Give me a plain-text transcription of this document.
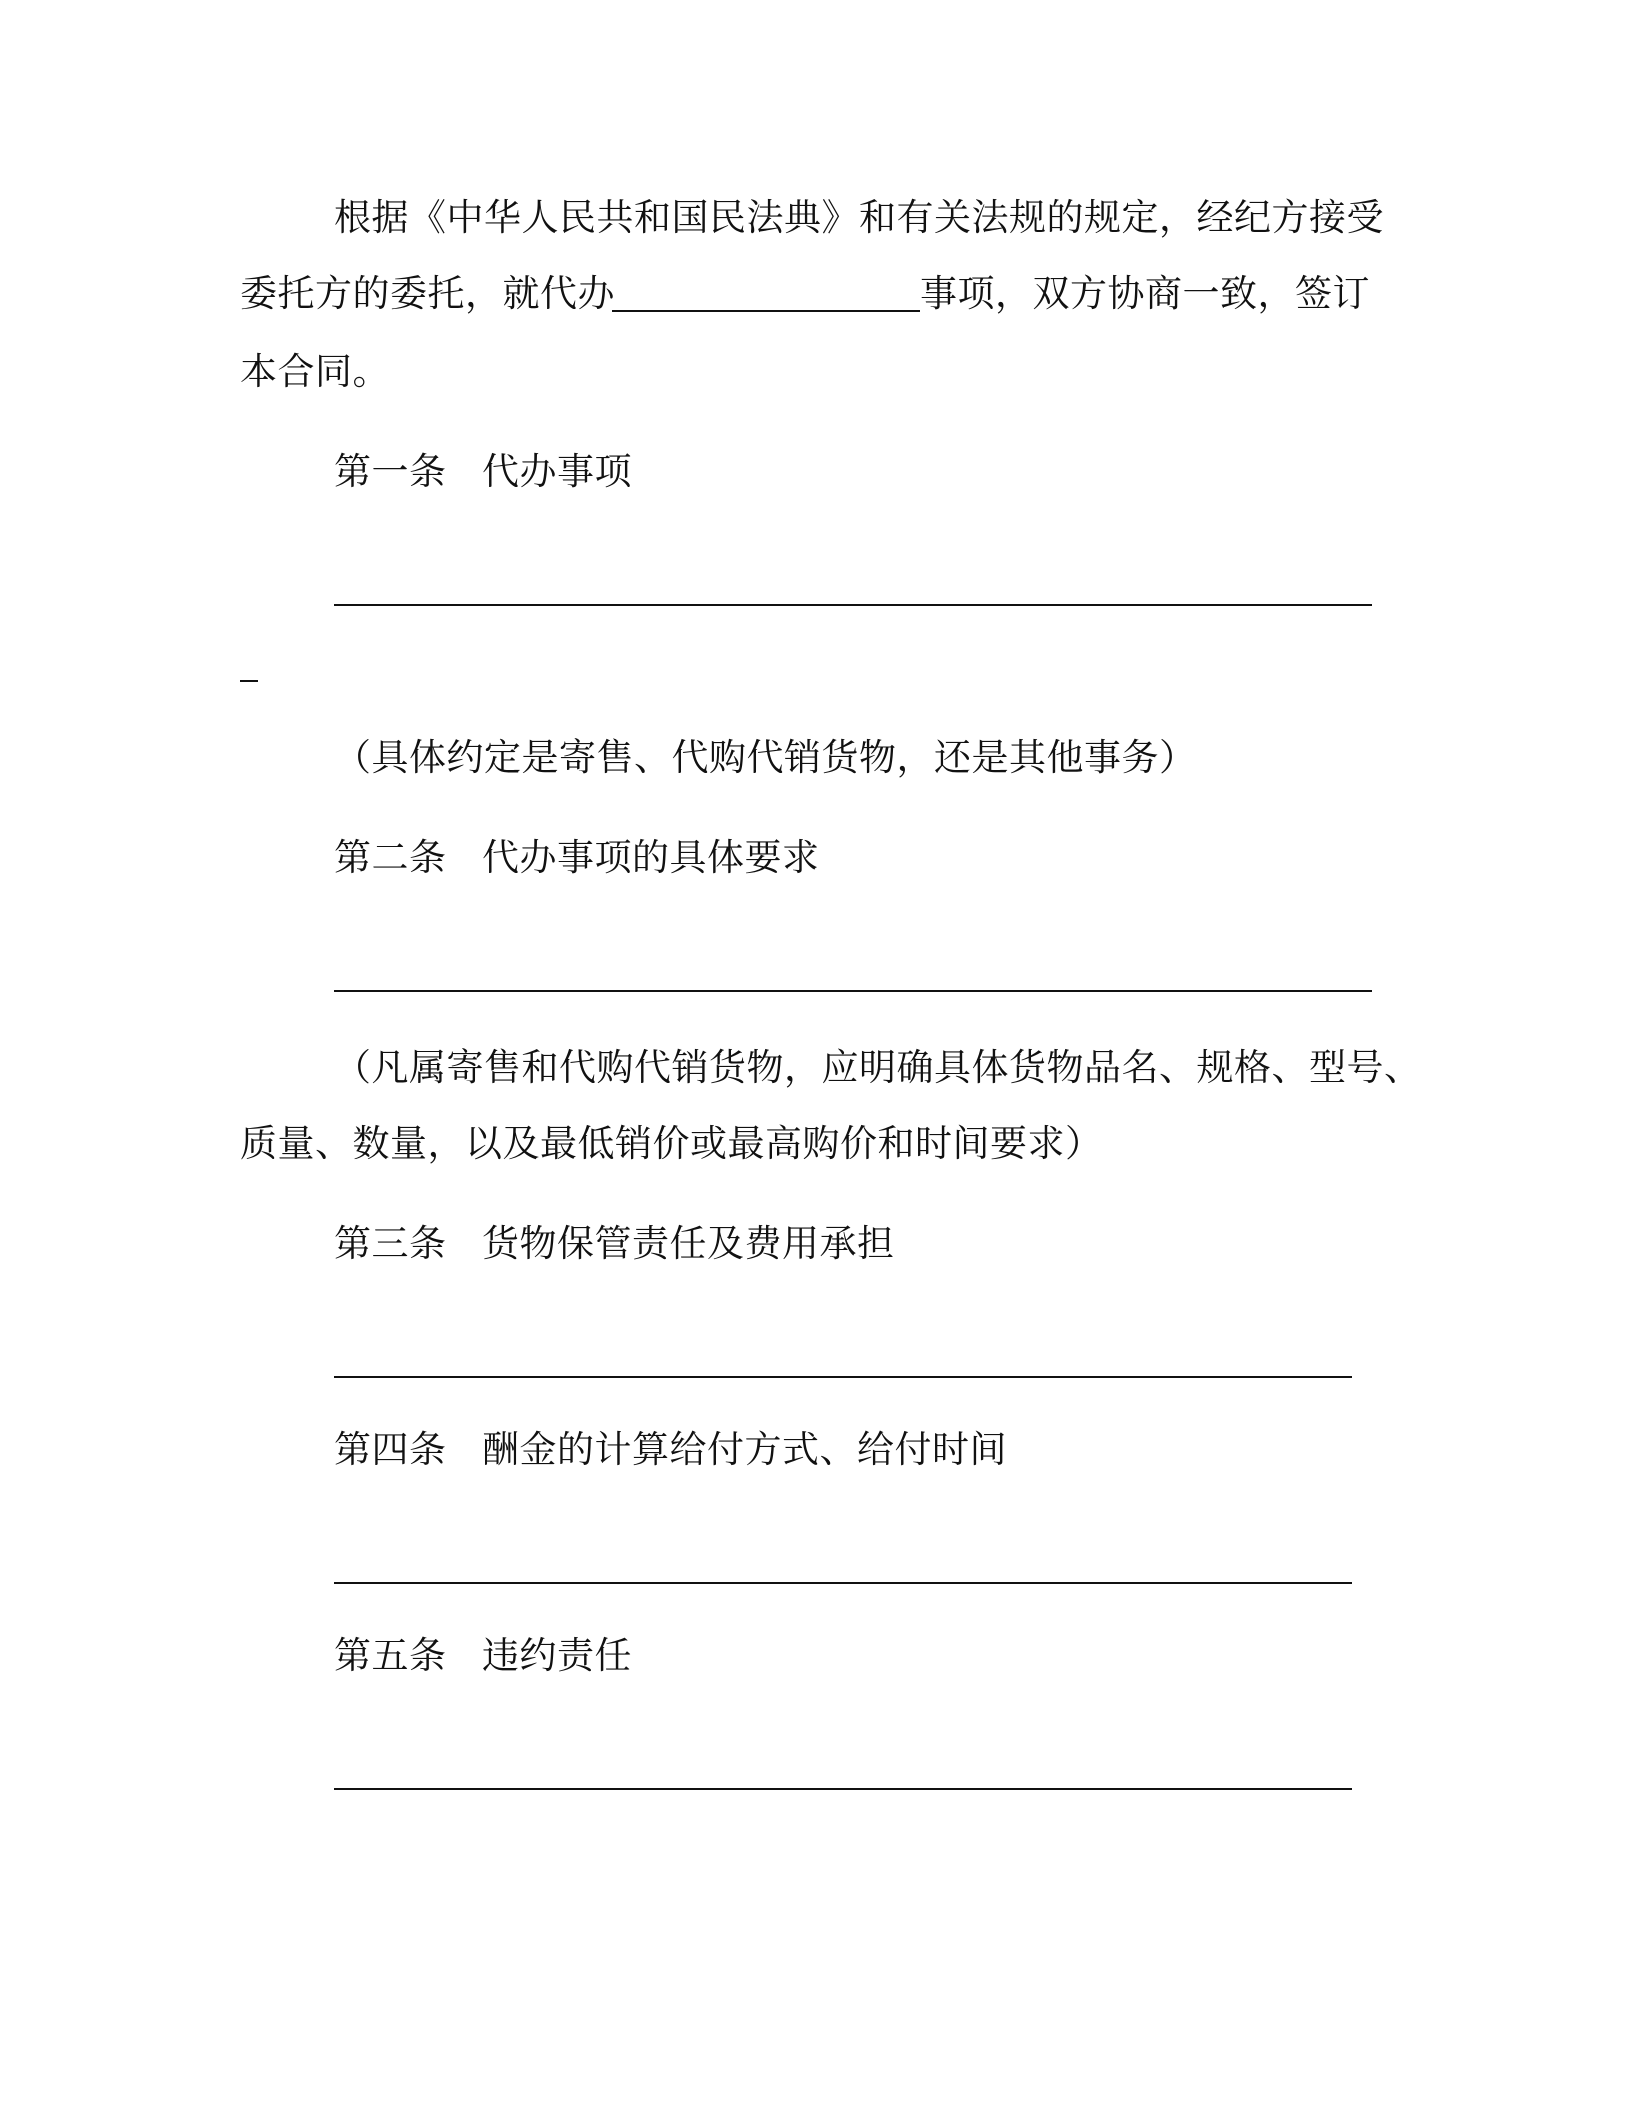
根据《中华人民共和国民法典》和有关法规的规定，经纪方接受
委托方的委托，就代办	事项，双方协商一致，签订
本合同。
第一条 代办事项
（具体约定是寄售、代购代销货物，还是其他事务）
第二条 代办事项的具体要求
（凡属寄售和代购代销货物，应明确具体货物品名、规格、型号、
质量、数量，以及最低销价或最高购价和时间要求）
第三条 货物保管责任及费用承担
第四条 酬金的计算给付方式、给付时间
第五条 违约责任
